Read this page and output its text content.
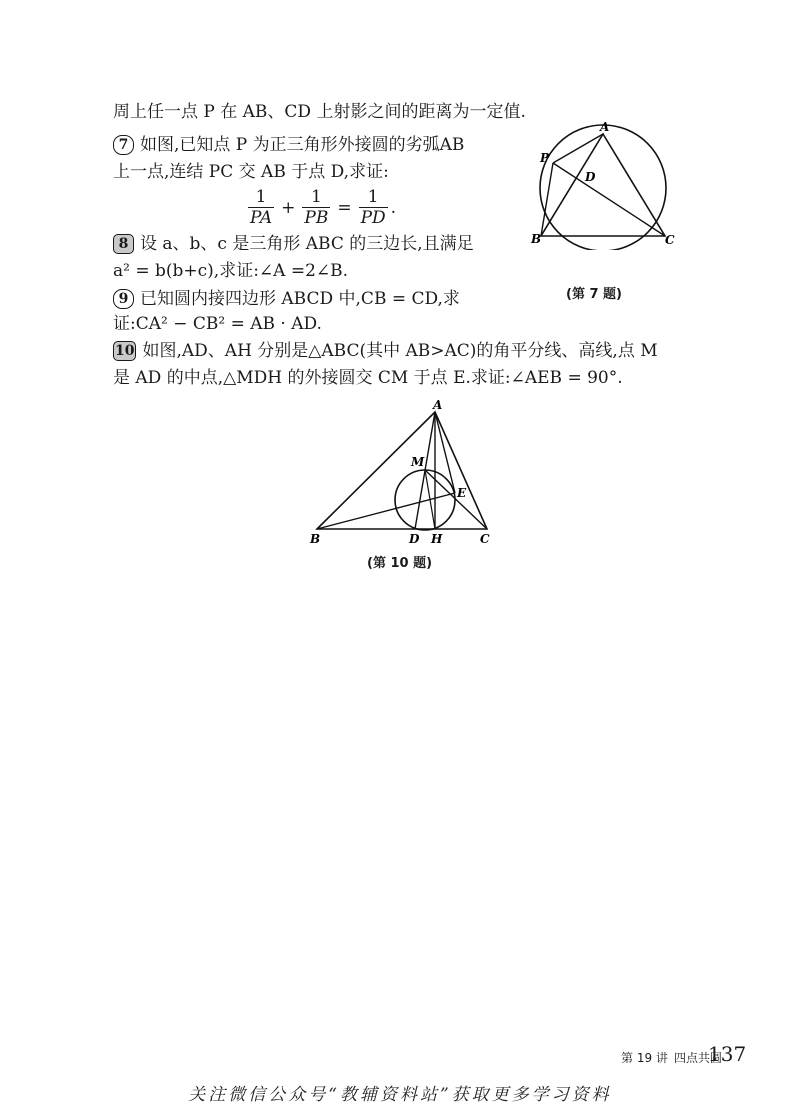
周上任一点 P 在 AB、CD 上射影之间的距离为一定值.
7 如图,已知点 P 为正三角形外接圆的劣弧AB
上一点,连结 PC 交 AB 于点 D,求证:
$\frac{1}{PA} + \frac{1}{PB} = \frac{1}{PD}$ .
8 设 a、b、c 是三角形 ABC 的三边长,且满足
a² = b(b+c),求证:∠A =2∠B.
9 已知圆内接四边形 ABCD 中,CB = CD,求
证:CA² − CB² = AB · AD.
10 如图,AD、AH 分别是△ABC(其中 AB>AC)的角平分线、高线,点 M
是 AD 的中点,△MDH 的外接圆交 CM 于点 E.求证:∠AEB = 90°.
A
P
D
B	C
(第 7 题)
A
M
E
B	D H	C
(第 10 题)
第 19 讲 四点共圆
137
关注微信公众号“教辅资料站”获取更多学习资料
